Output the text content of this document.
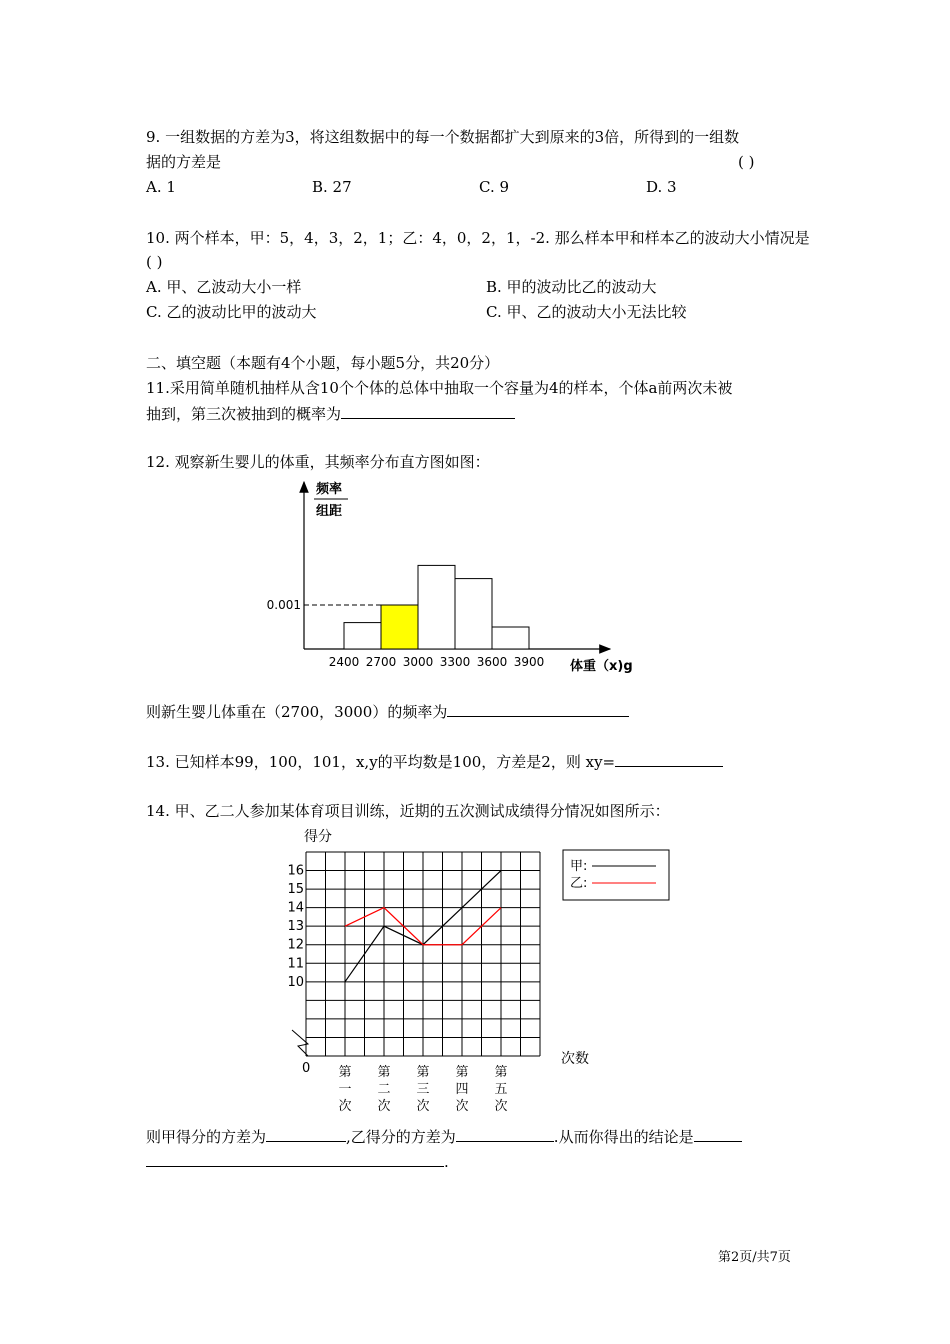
9. 一组数据的方差为3，将这组数据中的每一个数据都扩大到原来的3倍，所得到的一组数
据的方差是	( )
A. 1	B. 27	C. 9	D. 3
10. 两个样本，甲：5，4，3，2，1；乙：4，0，2，1，-2. 那么样本甲和样本乙的波动大小情况是
( )
A. 甲、乙波动大小一样	B. 甲的波动比乙的波动大
C. 乙的波动比甲的波动大	C. 甲、乙的波动大小无法比较
二、填空题（本题有4个小题，每小题5分，共20分）
11.采用简单随机抽样从含10个个体的总体中抽取一个容量为4的样本，个体a前两次未被
抽到，第三次被抽到的概率为
12. 观察新生婴儿的体重，其频率分布直方图如图：
频率
组距
0.001
2400 2700 3000 3300 3600 3900 体重（x)g
则新生婴儿体重在（2700，3000）的频率为
13. 已知样本99，100，101，x,y的平均数是100，方差是2，则 xy=
14. 甲、乙二人参加某体育项目训练，近期的五次测试成绩得分情况如图所示：
得分
16
15
14
13
12
11
10
第
一
次
第
二
次
第
三
次
第
四
次
第
五
次
0
次数
甲:
乙:
则甲得分的方差为	,乙得分的方差为	.从而你得出的结论是
.
第2页/共7页
